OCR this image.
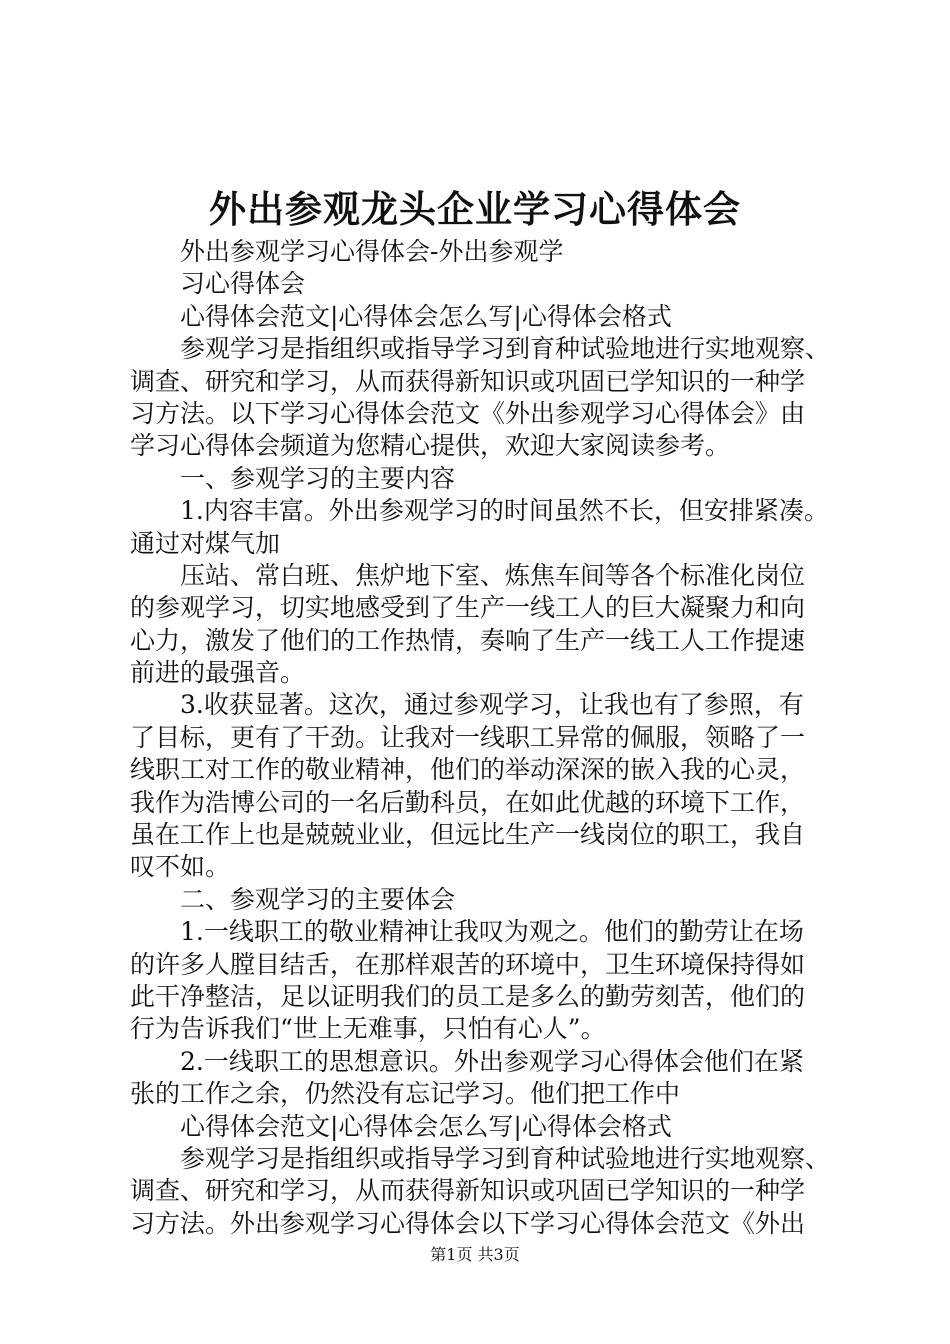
外出参观龙头企业学习心得体会
外出参观学习心得体会-外出参观学
习心得体会
心得体会范文|心得体会怎么写|心得体会格式
参观学习是指组织或指导学习到育种试验地进行实地观察、
调查、研究和学习，从而获得新知识或巩固已学知识的一种学
习方法。以下学习心得体会范文《外出参观学习心得体会》由
学习心得体会频道为您精心提供，欢迎大家阅读参考。
一、参观学习的主要内容
1.内容丰富。外出参观学习的时间虽然不长，但安排紧凑。
通过对煤气加
压站、常白班、焦炉地下室、炼焦车间等各个标准化岗位
的参观学习，切实地感受到了生产一线工人的巨大凝聚力和向
心力，激发了他们的工作热情，奏响了生产一线工人工作提速
前进的最强音。
3.收获显著。这次，通过参观学习，让我也有了参照，有
了目标，更有了干劲。让我对一线职工异常的佩服，领略了一
线职工对工作的敬业精神，他们的举动深深的嵌入我的心灵，
我作为浩博公司的一名后勤科员，在如此优越的环境下工作，
虽在工作上也是兢兢业业，但远比生产一线岗位的职工，我自
叹不如。
二、参观学习的主要体会
1.一线职工的敬业精神让我叹为观之。他们的勤劳让在场
的许多人膛目结舌，在那样艰苦的环境中，卫生环境保持得如
此干净整洁，足以证明我们的员工是多么的勤劳刻苦，他们的
行为告诉我们“世上无难事，只怕有心人”。
2.一线职工的思想意识。外出参观学习心得体会他们在紧
张的工作之余，仍然没有忘记学习。他们把工作中
心得体会范文|心得体会怎么写|心得体会格式
参观学习是指组织或指导学习到育种试验地进行实地观察、
调查、研究和学习，从而获得新知识或巩固已学知识的一种学
习方法。外出参观学习心得体会以下学习心得体会范文《外出
第1页 共3页
